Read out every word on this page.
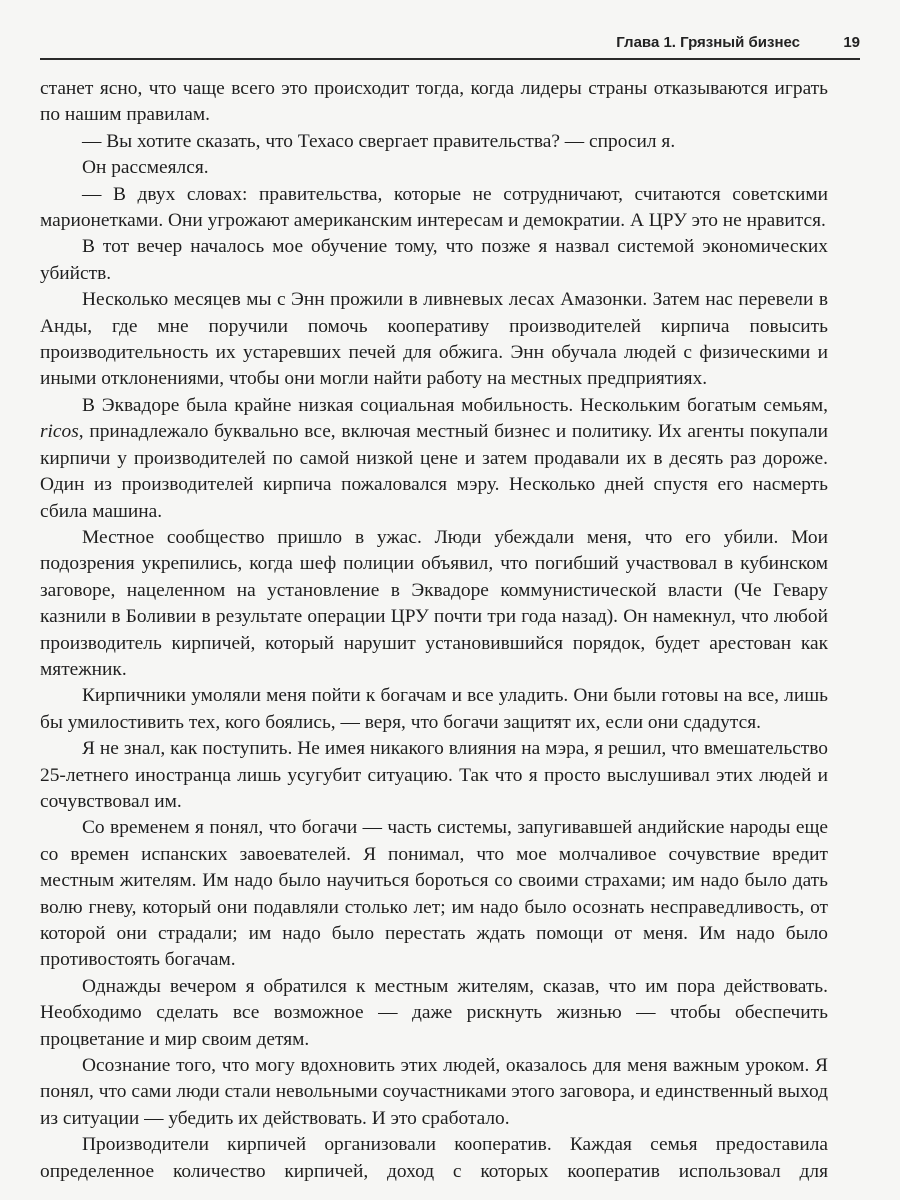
Глава 1. Грязный бизнес	19

станет ясно, что чаще всего это происходит тогда, когда лидеры страны отказываются играть по нашим правилам.

— Вы хотите сказать, что Техасо свергает правительства? — спросил я.

Он рассмеялся.

— В двух словах: правительства, которые не сотрудничают, считаются советскими марионетками. Они угрожают американским интересам и демократии. А ЦРУ это не нравится.

В тот вечер началось мое обучение тому, что позже я назвал системой экономических убийств.

Несколько месяцев мы с Энн прожили в ливневых лесах Амазонки. Затем нас перевели в Анды, где мне поручили помочь кооперативу производителей кирпича повысить производительность их устаревших печей для обжига. Энн обучала людей с физическими и иными отклонениями, чтобы они могли найти работу на местных предприятиях.

В Эквадоре была крайне низкая социальная мобильность. Нескольким богатым семьям, ricos, принадлежало буквально все, включая местный бизнес и политику. Их агенты покупали кирпичи у производителей по самой низкой цене и затем продавали их в десять раз дороже. Один из производителей кирпича пожаловался мэру. Несколько дней спустя его насмерть сбила машина.

Местное сообщество пришло в ужас. Люди убеждали меня, что его убили. Мои подозрения укрепились, когда шеф полиции объявил, что погибший участвовал в кубинском заговоре, нацеленном на установление в Эквадоре коммунистической власти (Че Гевару казнили в Боливии в результате операции ЦРУ почти три года назад). Он намекнул, что любой производитель кирпичей, который нарушит установившийся порядок, будет арестован как мятежник.

Кирпичники умоляли меня пойти к богачам и все уладить. Они были готовы на все, лишь бы умилостивить тех, кого боялись, — веря, что богачи защитят их, если они сдадутся.

Я не знал, как поступить. Не имея никакого влияния на мэра, я решил, что вмешательство 25-летнего иностранца лишь усугубит ситуацию. Так что я просто выслушивал этих людей и сочувствовал им.

Со временем я понял, что богачи — часть системы, запугивавшей андийские народы еще со времен испанских завоевателей. Я понимал, что мое молчаливое сочувствие вредит местным жителям. Им надо было научиться бороться со своими страхами; им надо было дать волю гневу, который они подавляли столько лет; им надо было осознать несправедливость, от которой они страдали; им надо было перестать ждать помощи от меня. Им надо было противостоять богачам.

Однажды вечером я обратился к местным жителям, сказав, что им пора действовать. Необходимо сделать все возможное — даже рискнуть жизнью — чтобы обеспечить процветание и мир своим детям.

Осознание того, что могу вдохновить этих людей, оказалось для меня важным уроком. Я понял, что сами люди стали невольными соучастниками этого заговора, и единственный выход из ситуации — убедить их действовать. И это сработало.

Производители кирпичей организовали кооператив. Каждая семья предоставила определенное количество кирпичей, доход с которых кооператив использовал для
